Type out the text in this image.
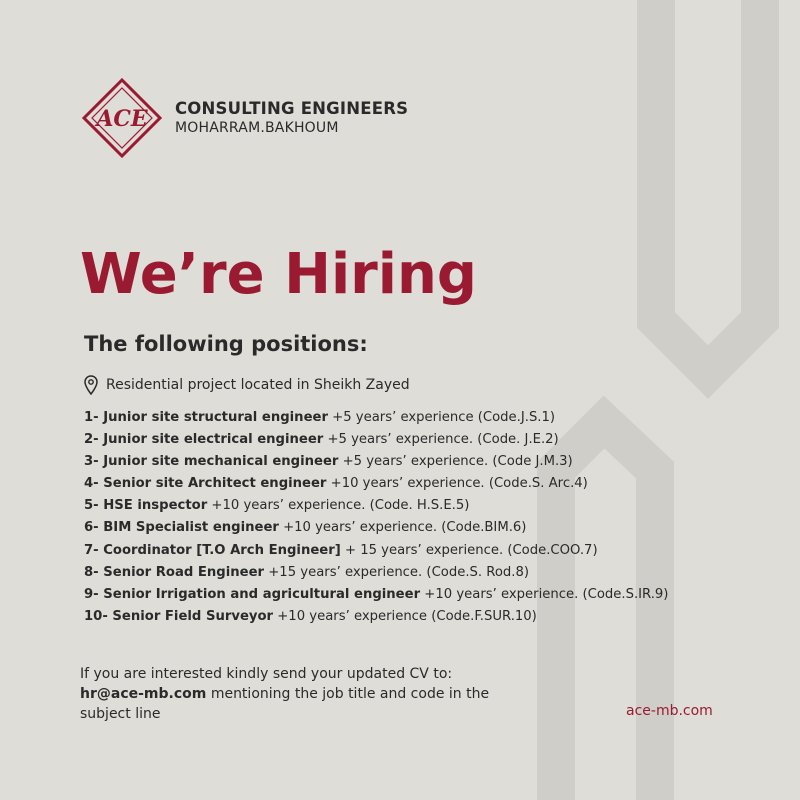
ACE CONSULTING ENGINEERS
MOHARRAM.BAKHOUM
We’re Hiring
The following positions:
Residential project located in Sheikh Zayed
1- Junior site structural engineer +5 years’ experience (Code.J.S.1)
2- Junior site electrical engineer +5 years’ experience. (Code. J.E.2)
3- Junior site mechanical engineer +5 years’ experience. (Code J.M.3)
4- Senior site Architect engineer +10 years’ experience. (Code.S. Arc.4)
5- HSE inspector +10 years’ experience. (Code. H.S.E.5)
6- BIM Specialist engineer +10 years’ experience. (Code.BIM.6)
7- Coordinator [T.O Arch Engineer] + 15 years’ experience. (Code.COO.7)
8- Senior Road Engineer +15 years’ experience. (Code.S. Rod.8)
9- Senior Irrigation and agricultural engineer +10 years’ experience. (Code.S.IR.9)
10- Senior Field Surveyor +10 years’ experience (Code.F.SUR.10)
If you are interested kindly send your updated CV to:
hr@ace-mb.com mentioning the job title and code in the
subject line	ace-mb.com
